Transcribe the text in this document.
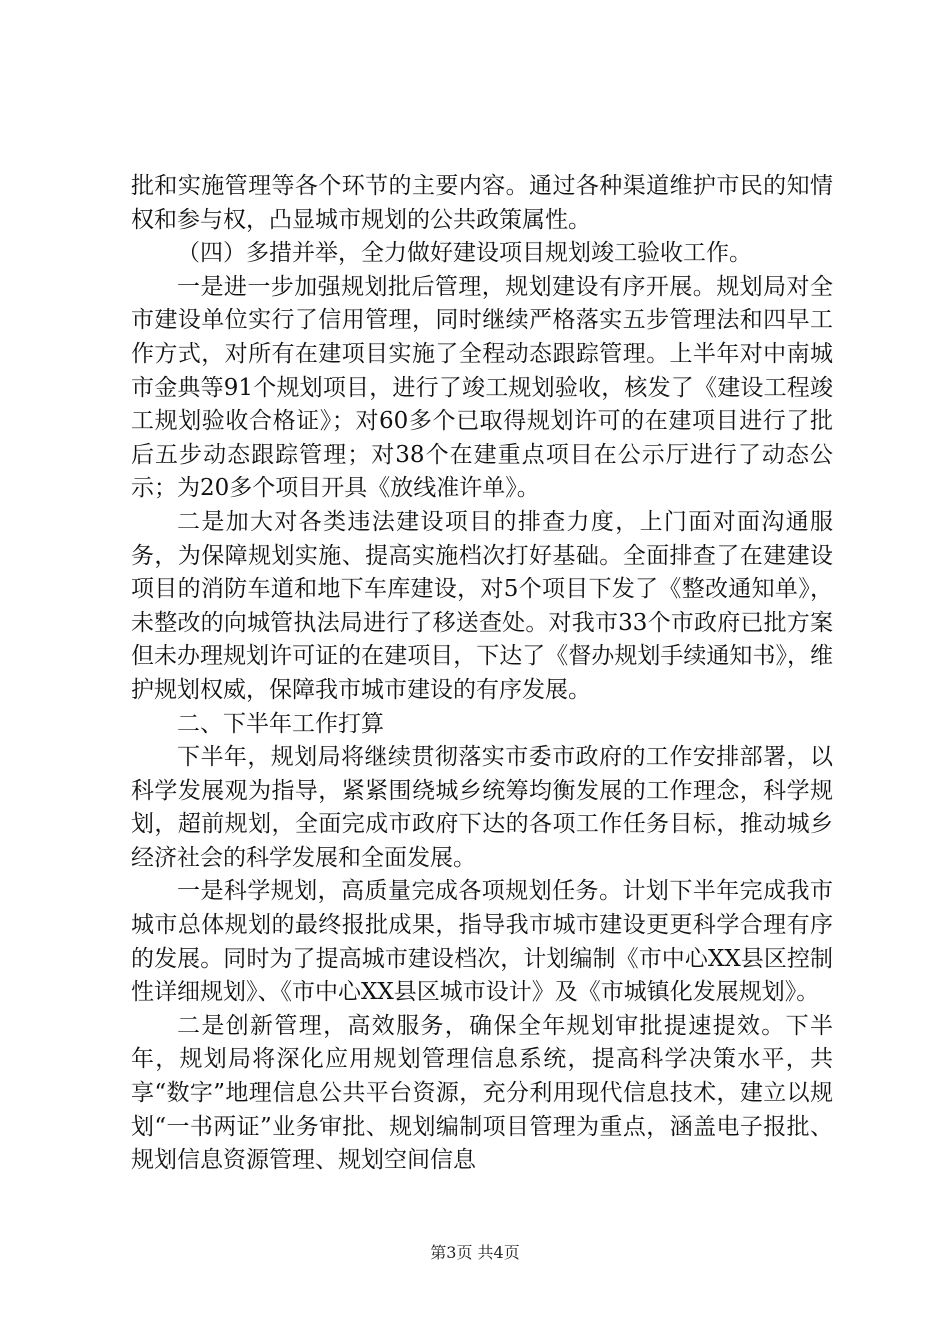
批和实施管理等各个环节的主要内容。通过各种渠道维护市民的知情权和参与权，凸显城市规划的公共政策属性。

（四）多措并举，全力做好建设项目规划竣工验收工作。

一是进一步加强规划批后管理，规划建设有序开展。规划局对全市建设单位实行了信用管理，同时继续严格落实五步管理法和四早工作方式，对所有在建项目实施了全程动态跟踪管理。上半年对中南城市金典等91个规划项目，进行了竣工规划验收，核发了《建设工程竣工规划验收合格证》；对60多个已取得规划许可的在建项目进行了批后五步动态跟踪管理；对38个在建重点项目在公示厅进行了动态公示；为20多个项目开具《放线准许单》。

二是加大对各类违法建设项目的排查力度，上门面对面沟通服务，为保障规划实施、提高实施档次打好基础。全面排查了在建建设项目的消防车道和地下车库建设，对5个项目下发了《整改通知单》，未整改的向城管执法局进行了移送查处。对我市33个市政府已批方案但未办理规划许可证的在建项目，下达了《督办规划手续通知书》，维护规划权威，保障我市城市建设的有序发展。

二、下半年工作打算

下半年，规划局将继续贯彻落实市委市政府的工作安排部署，以科学发展观为指导，紧紧围绕城乡统筹均衡发展的工作理念，科学规划，超前规划，全面完成市政府下达的各项工作任务目标，推动城乡经济社会的科学发展和全面发展。

一是科学规划，高质量完成各项规划任务。计划下半年完成我市城市总体规划的最终报批成果，指导我市城市建设更更科学合理有序的发展。同时为了提高城市建设档次，计划编制《市中心XX县区控制性详细规划》、《市中心XX县区城市设计》及《市城镇化发展规划》。

二是创新管理，高效服务，确保全年规划审批提速提效。下半年，规划局将深化应用规划管理信息系统，提高科学决策水平，共享“数字”地理信息公共平台资源，充分利用现代信息技术，建立以规划“一书两证”业务审批、规划编制项目管理为重点，涵盖电子报批、规划信息资源管理、规划空间信息

第3页 共4页
